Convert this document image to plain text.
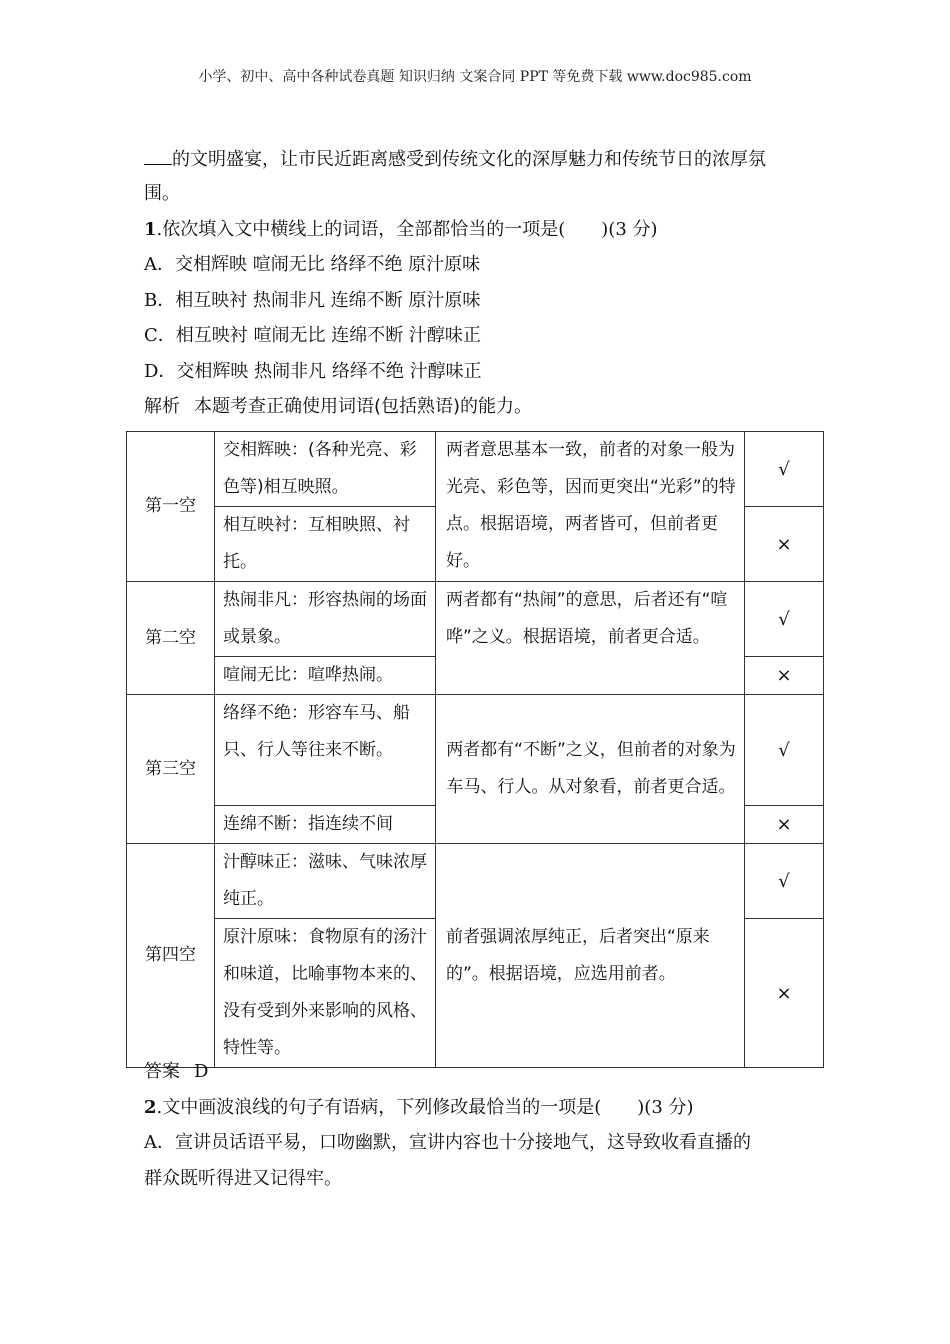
小学、初中、高中各种试卷真题 知识归纳 文案合同 PPT 等免费下载 www.doc985.com
的文明盛宴，让市民近距离感受到传统文化的深厚魅力和传统节日的浓厚氛
围。
1.依次填入文中横线上的词语，全部都恰当的一项是(　　)(3 分)
A．交相辉映 喧闹无比 络绎不绝 原汁原味
B．相互映衬 热闹非凡 连绵不断 原汁原味
C．相互映衬 喧闹无比 连绵不断 汁醇味正
D．交相辉映 热闹非凡 络绎不绝 汁醇味正
解析 本题考查正确使用词语(包括熟语)的能力。
第一空	交相辉映：(各种光亮、彩色等)相互映照。	两者意思基本一致，前者的对象一般为光亮、彩色等，因而更突出“光彩”的特点。根据语境，两者皆可，但前者更好。	√
	相互映衬：互相映照、衬托。		×
第二空	热闹非凡：形容热闹的场面或景象。	两者都有“热闹”的意思，后者还有“喧哗”之义。根据语境，前者更合适。	√
	喧闹无比：喧哗热闹。		×
第三空	络绎不绝：形容车马、船只、行人等往来不断。	两者都有“不断”之义，但前者的对象为车马、行人。从对象看，前者更合适。	√
	连绵不断：指连续不间		×
第四空	汁醇味正：滋味、气味浓厚纯正。	前者强调浓厚纯正，后者突出“原来的”。根据语境，应选用前者。	√
	原汁原味：食物原有的汤汁和味道，比喻事物本来的、没有受到外来影响的风格、特性等。		×
答案 D
2.文中画波浪线的句子有语病，下列修改最恰当的一项是(　　)(3 分)
A．宣讲员话语平易，口吻幽默，宣讲内容也十分接地气，这导致收看直播的
群众既听得进又记得牢。
